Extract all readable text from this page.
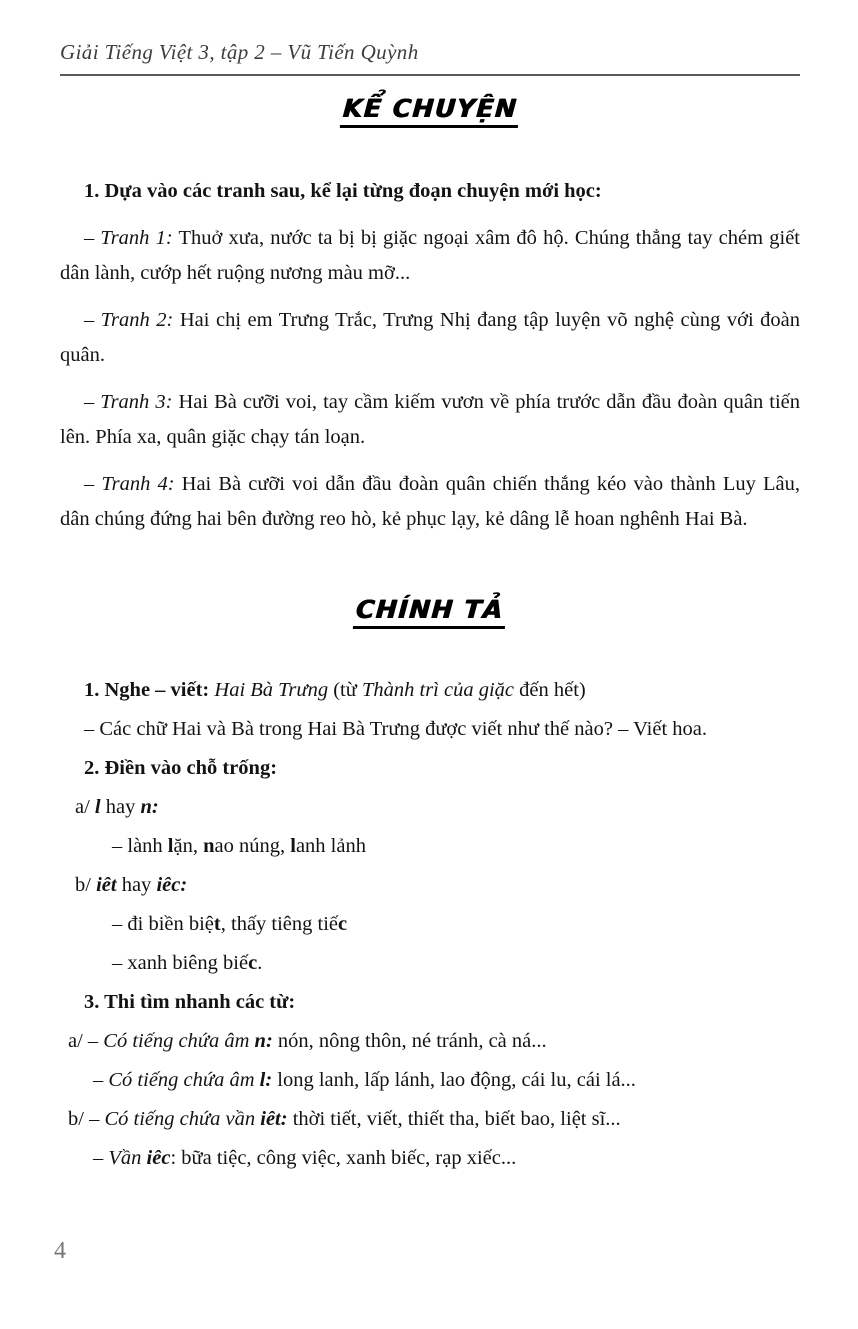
Giải Tiếng Việt 3, tập 2 – Vũ Tiến Quỳnh
KỂ CHUYỆN

1. Dựa vào các tranh sau, kể lại từng đoạn chuyện mới học:

– Tranh 1: Thuở xưa, nước ta bị bị giặc ngoại xâm đô hộ. Chúng thẳng tay chém giết dân lành, cướp hết ruộng nương màu mỡ...

– Tranh 2: Hai chị em Trưng Trắc, Trưng Nhị đang tập luyện võ nghệ cùng với đoàn quân.

– Tranh 3: Hai Bà cưỡi voi, tay cầm kiếm vươn về phía trước dẫn đầu đoàn quân tiến lên. Phía xa, quân giặc chạy tán loạn.

– Tranh 4: Hai Bà cưỡi voi dẫn đầu đoàn quân chiến thắng kéo vào thành Luy Lâu, dân chúng đứng hai bên đường reo hò, kẻ phục lạy, kẻ dâng lễ hoan nghênh Hai Bà.

CHÍNH TẢ

1. Nghe – viết: Hai Bà Trưng (từ Thành trì của giặc đến hết)

– Các chữ Hai và Bà trong Hai Bà Trưng được viết như thế nào? – Viết hoa.

2. Điền vào chỗ trống:

a/ l hay n:

– lành lặn, nao núng, lanh lảnh

b/ iêt hay iêc:

– đi biền biệt, thấy tiêng tiếc

– xanh biêng biếc.

3. Thi tìm nhanh các từ:

a/ – Có tiếng chứa âm n: nón, nông thôn, né tránh, cà ná...

– Có tiếng chứa âm l: long lanh, lấp lánh, lao động, cái lu, cái lá...

b/ – Có tiếng chứa vần iêt: thời tiết, viết, thiết tha, biết bao, liệt sĩ...

– Vần iêc: bữa tiệc, công việc, xanh biếc, rạp xiếc...

4
